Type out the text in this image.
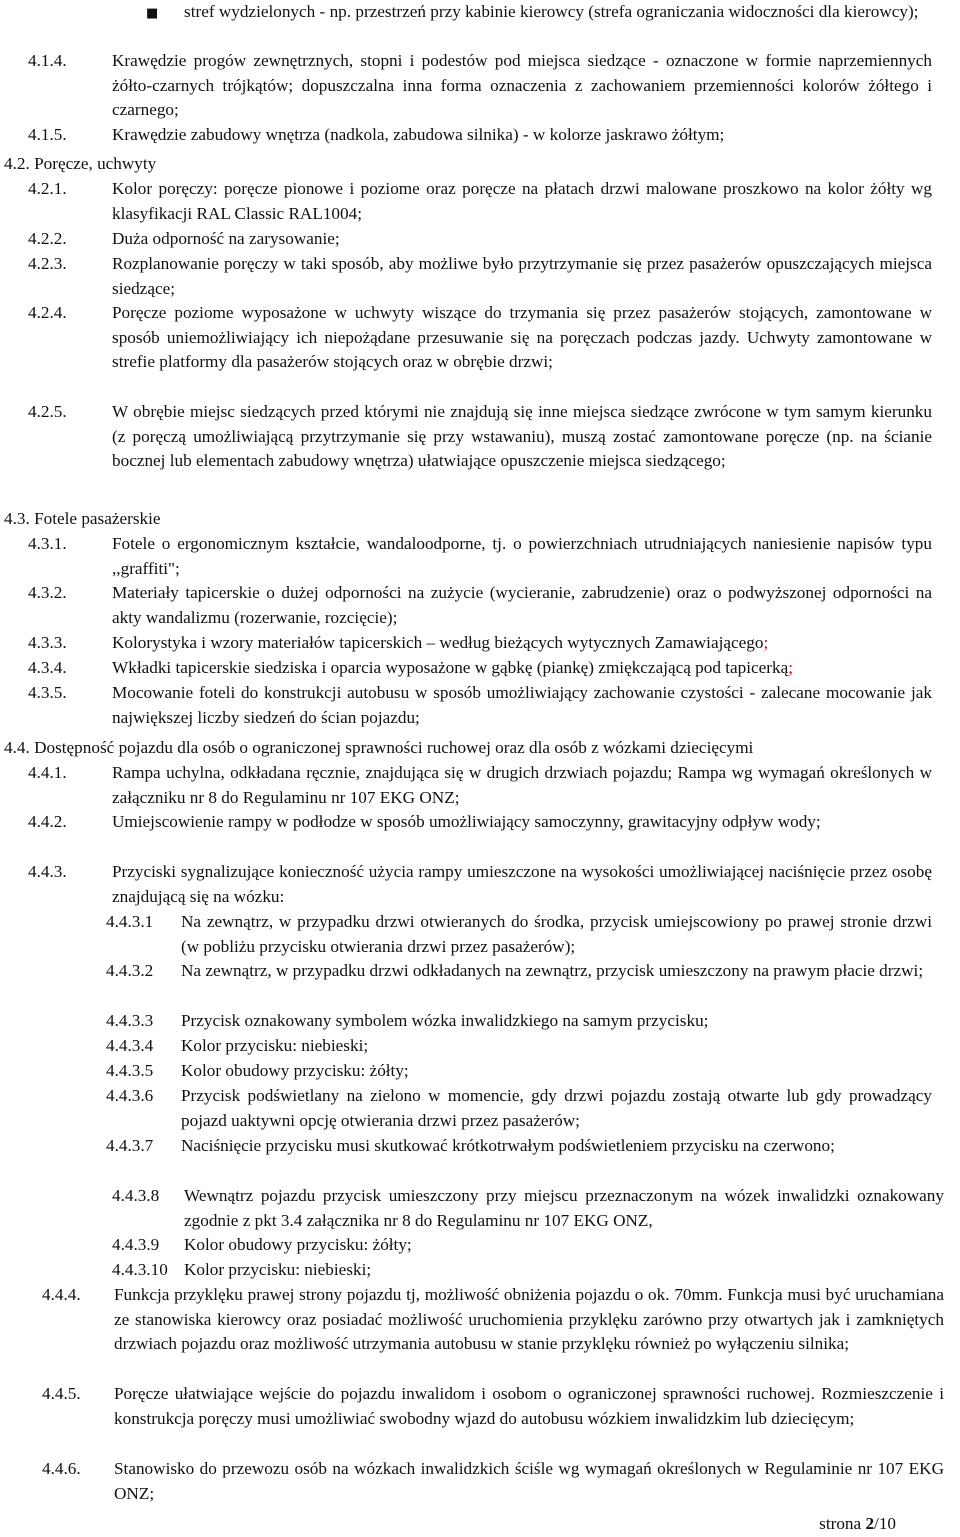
■	stref wydzielonych - np. przestrzeń przy kabinie kierowcy (strefa ograniczania widoczności dla kierowcy);
4.1.4.	Krawędzie progów zewnętrznych, stopni i podestów pod miejsca siedzące - oznaczone w formie naprzemiennych żółto-czarnych trójkątów; dopuszczalna inna forma oznaczenia z zachowaniem przemienności kolorów żółtego i czarnego;
4.1.5.	Krawędzie zabudowy wnętrza (nadkola, zabudowa silnika) - w kolorze jaskrawo żółtym;
4.2. Poręcze, uchwyty
4.2.1.	Kolor poręczy: poręcze pionowe i poziome oraz poręcze na płatach drzwi malowane proszkowo na kolor żółty wg klasyfikacji RAL Classic RAL1004;
4.2.2.	Duża odporność na zarysowanie;
4.2.3.	Rozplanowanie poręczy w taki sposób, aby możliwe było przytrzymanie się przez pasażerów opuszczających miejsca siedzące;
4.2.4.	Poręcze poziome wyposażone w uchwyty wiszące do trzymania się przez pasażerów stojących, zamontowane w sposób uniemożliwiający ich niepożądane przesuwanie się na poręczach podczas jazdy. Uchwyty zamontowane w strefie platformy dla pasażerów stojących oraz w obrębie drzwi;
4.2.5.	W obrębie miejsc siedzących przed którymi nie znajdują się inne miejsca siedzące zwrócone w tym samym kierunku (z poręczą umożliwiającą przytrzymanie się przy wstawaniu), muszą zostać zamontowane poręcze (np. na ścianie bocznej lub elementach zabudowy wnętrza) ułatwiające opuszczenie miejsca siedzącego;
4.3. Fotele pasażerskie
4.3.1.	Fotele o ergonomicznym kształcie, wandaloodporne, tj. o powierzchniach utrudniających naniesienie napisów typu ,,graffiti";
4.3.2.	Materiały tapicerskie o dużej odporności na zużycie (wycieranie, zabrudzenie) oraz o podwyższonej odporności na akty wandalizmu (rozerwanie, rozcięcie);
4.3.3.	Kolorystyka i wzory materiałów tapicerskich – według bieżących wytycznych Zamawiającego;
4.3.4.	Wkładki tapicerskie siedziska i oparcia wyposażone w gąbkę (piankę) zmiękczającą pod tapicerką;
4.3.5.	Mocowanie foteli do konstrukcji autobusu w sposób umożliwiający zachowanie czystości - zalecane mocowanie jak największej liczby siedzeń do ścian pojazdu;
4.4. Dostępność pojazdu dla osób o ograniczonej sprawności ruchowej oraz dla osób z wózkami dziecięcymi
4.4.1.	Rampa uchylna, odkładana ręcznie, znajdująca się w drugich drzwiach pojazdu; Rampa wg wymagań określonych w załączniku nr 8 do Regulaminu nr 107 EKG ONZ;
4.4.2.	Umiejscowienie rampy w podłodze w sposób umożliwiający samoczynny, grawitacyjny odpływ wody;
4.4.3.	Przyciski sygnalizujące konieczność użycia rampy umieszczone na wysokości umożliwiającej naciśnięcie przez osobę znajdującą się na wózku:
4.4.3.1	Na zewnątrz, w przypadku drzwi otwieranych do środka, przycisk umiejscowiony po prawej stronie drzwi (w pobliżu przycisku otwierania drzwi przez pasażerów);
4.4.3.2	Na zewnątrz, w przypadku drzwi odkładanych na zewnątrz, przycisk umieszczony na prawym płacie drzwi;
4.4.3.3	Przycisk oznakowany symbolem wózka inwalidzkiego na samym przycisku;
4.4.3.4	Kolor przycisku: niebieski;
4.4.3.5	Kolor obudowy przycisku: żółty;
4.4.3.6	Przycisk podświetlany na zielono w momencie, gdy drzwi pojazdu zostają otwarte lub gdy prowadzący pojazd uaktywni opcję otwierania drzwi przez pasażerów;
4.4.3.7	Naciśnięcie przycisku musi skutkować krótkotrwałym podświetleniem przycisku na czerwono;
4.4.3.8	Wewnątrz pojazdu przycisk umieszczony przy miejscu przeznaczonym na wózek inwalidzki oznakowany zgodnie z pkt 3.4 załącznika nr 8 do Regulaminu nr 107 EKG ONZ,
4.4.3.9	Kolor obudowy przycisku: żółty;
4.4.3.10 Kolor przycisku: niebieski;
4.4.4.	Funkcja przyklęku prawej strony pojazdu tj, możliwość obniżenia pojazdu o ok. 70mm. Funkcja musi być uruchamiana ze stanowiska kierowcy oraz posiadać możliwość uruchomienia przyklęku zarówno przy otwartych jak i zamkniętych drzwiach pojazdu oraz możliwość utrzymania autobusu w stanie przyklęku również po wyłączeniu silnika;
4.4.5.	Poręcze ułatwiające wejście do pojazdu inwalidom i osobom o ograniczonej sprawności ruchowej. Rozmieszczenie i konstrukcja poręczy musi umożliwiać swobodny wjazd do autobusu wózkiem inwalidzkim lub dziecięcym;
4.4.6.	Stanowisko do przewozu osób na wózkach inwalidzkich ściśle wg wymagań określonych w Regulaminie nr 107 EKG ONZ;
strona 2/10
